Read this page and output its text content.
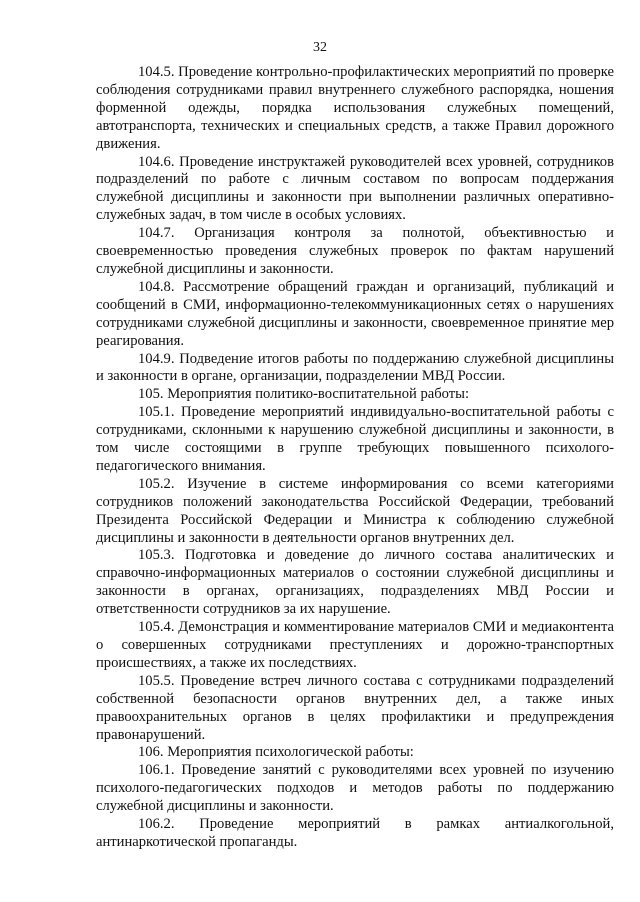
32

104.5. Проведение контрольно-профилактических мероприятий по проверке соблюдения сотрудниками правил внутреннего служебного распорядка, ношения форменной одежды, порядка использования служебных помещений, автотранспорта, технических и специальных средств, а также Правил дорожного движения.

104.6. Проведение инструктажей руководителей всех уровней, сотрудников подразделений по работе с личным составом по вопросам поддержания служебной дисциплины и законности при выполнении различных оперативно-служебных задач, в том числе в особых условиях.

104.7. Организация контроля за полнотой, объективностью и своевременностью проведения служебных проверок по фактам нарушений служебной дисциплины и законности.

104.8. Рассмотрение обращений граждан и организаций, публикаций и сообщений в СМИ, информационно-телекоммуникационных сетях о нарушениях сотрудниками служебной дисциплины и законности, своевременное принятие мер реагирования.

104.9. Подведение итогов работы по поддержанию служебной дисциплины и законности в органе, организации, подразделении МВД России.

105. Мероприятия политико-воспитательной работы:

105.1. Проведение мероприятий индивидуально-воспитательной работы с сотрудниками, склонными к нарушению служебной дисциплины и законности, в том числе состоящими в группе требующих повышенного психолого-педагогического внимания.

105.2. Изучение в системе информирования со всеми категориями сотрудников положений законодательства Российской Федерации, требований Президента Российской Федерации и Министра к соблюдению служебной дисциплины и законности в деятельности органов внутренних дел.

105.3. Подготовка и доведение до личного состава аналитических и справочно-информационных материалов о состоянии служебной дисциплины и законности в органах, организациях, подразделениях МВД России и ответственности сотрудников за их нарушение.

105.4. Демонстрация и комментирование материалов СМИ и медиаконтента о совершенных сотрудниками преступлениях и дорожно-транспортных происшествиях, а также их последствиях.

105.5. Проведение встреч личного состава с сотрудниками подразделений собственной безопасности органов внутренних дел, а также иных правоохранительных органов в целях профилактики и предупреждения правонарушений.

106. Мероприятия психологической работы:

106.1. Проведение занятий с руководителями всех уровней по изучению психолого-педагогических подходов и методов работы по поддержанию служебной дисциплины и законности.

106.2. Проведение мероприятий в рамках антиалкогольной, антинаркотической пропаганды.
